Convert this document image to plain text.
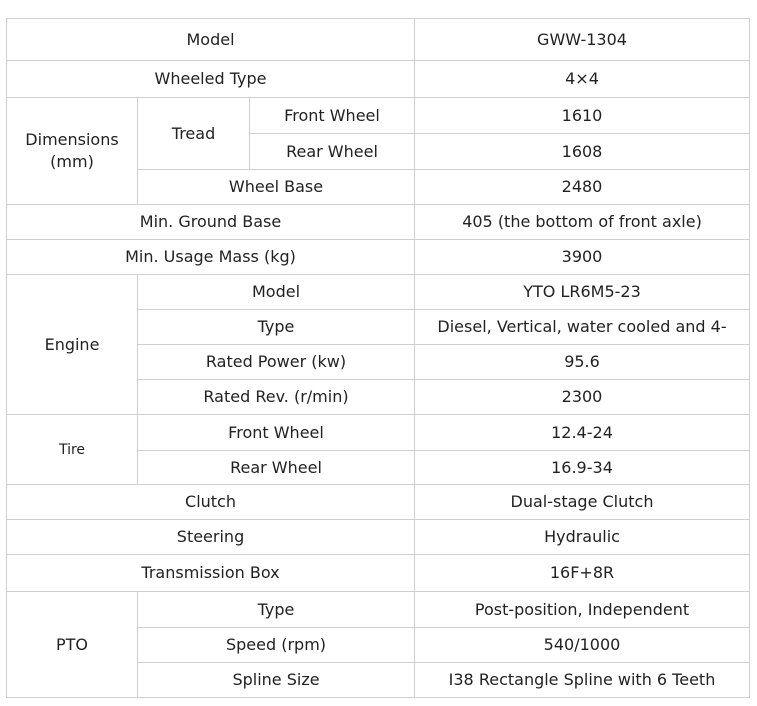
Model			GWW-1304
Wheeled Type			4×4

Dimensions
(mm)	Tread	Front Wheel	1610
		Rear Wheel	1608
	Wheel Base		2480
Min. Ground Base			405 (the bottom of front axle)
Min. Usage Mass (kg)			3900
Engine	Model		YTO LR6M5-23
	Type		Diesel, Vertical, water cooled and 4-
	Rated Power (kw)		95.6
	Rated Rev. (r/min)		2300
Tire	Front Wheel		12.4-24
	Rear Wheel		16.9-34
Clutch			Dual-stage Clutch
Steering			Hydraulic
Transmission Box			16F+8R
PTO	Type		Post-position, Independent
	Speed (rpm)		540/1000
	Spline Size		I38 Rectangle Spline with 6 Teeth
